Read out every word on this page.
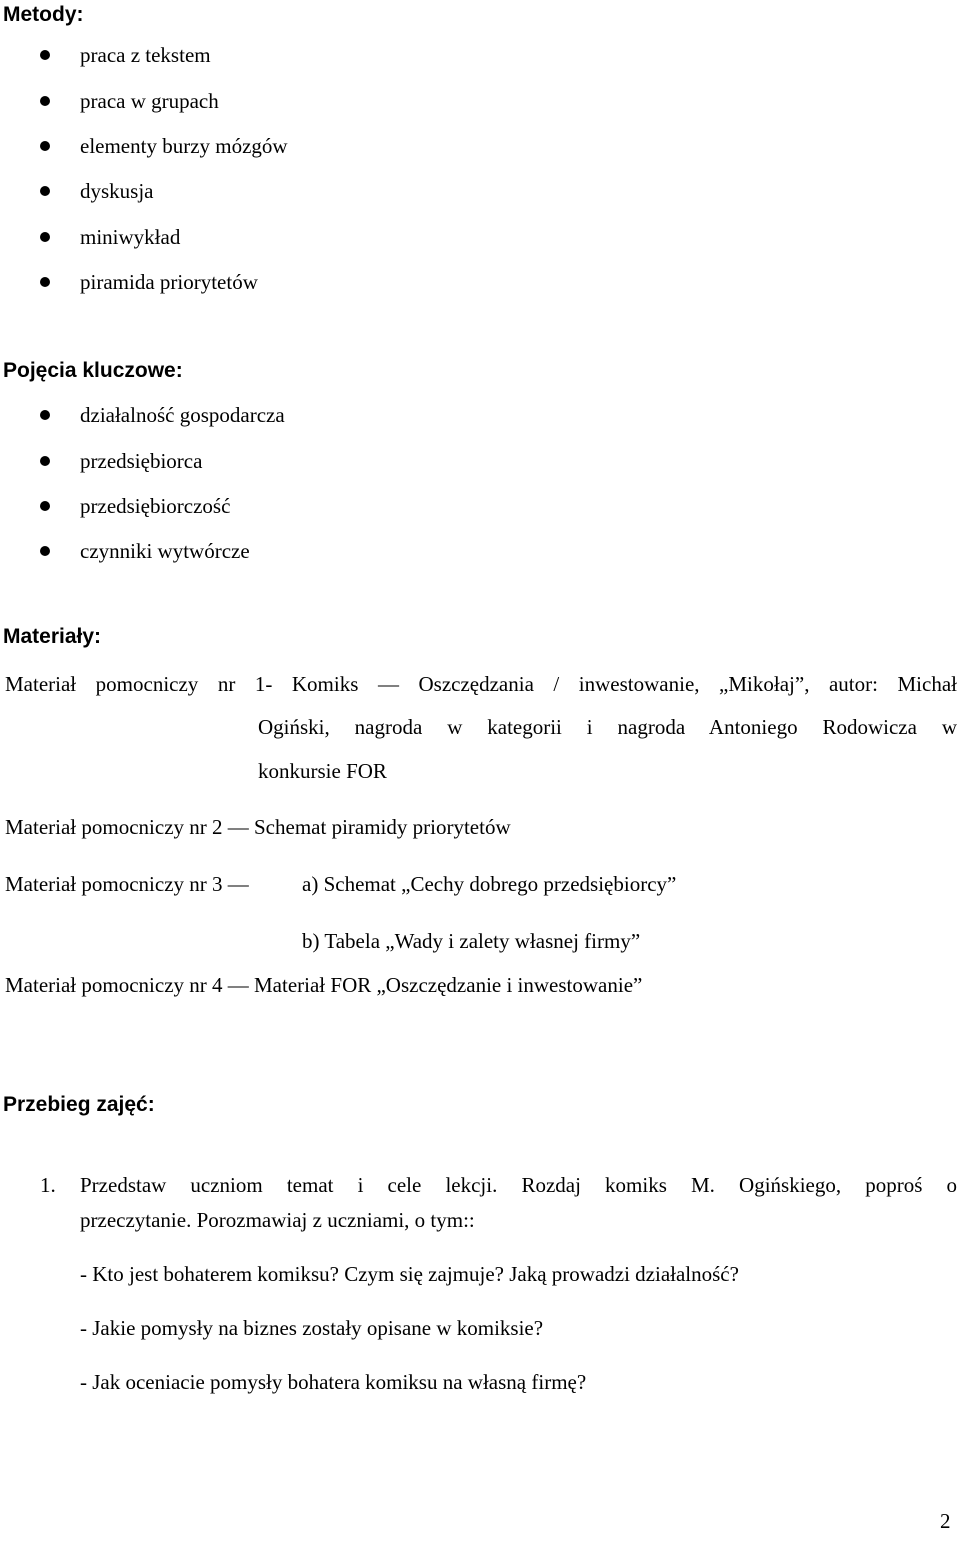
Metody:
praca z tekstem
praca w grupach
elementy burzy mózgów
dyskusja
miniwykład
piramida priorytetów
Pojęcia kluczowe:
działalność gospodarcza
przedsiębiorca
przedsiębiorczość
czynniki wytwórcze
Materiały:
Materiał pomocniczy nr 1- Komiks — Oszczędzania / inwestowanie, „Mikołaj”, autor: Michał
Ogiński, nagroda w kategorii i nagroda Antoniego Rodowicza w
konkursie FOR
Materiał pomocniczy nr 2 — Schemat piramidy priorytetów
Materiał pomocniczy nr 3 —	a) Schemat „Cechy dobrego przedsiębiorcy”
b) Tabela „Wady i zalety własnej firmy”
Materiał pomocniczy nr 4 — Materiał FOR „Oszczędzanie i inwestowanie”
Przebieg zajęć:
1. Przedstaw uczniom temat i cele lekcji. Rozdaj komiks M. Ogińskiego, poproś o
przeczytanie. Porozmawiaj z uczniami, o tym::
- Kto jest bohaterem komiksu? Czym się zajmuje? Jaką prowadzi działalność?
- Jakie pomysły na biznes zostały opisane w komiksie?
- Jak oceniacie pomysły bohatera komiksu na własną firmę?
2
